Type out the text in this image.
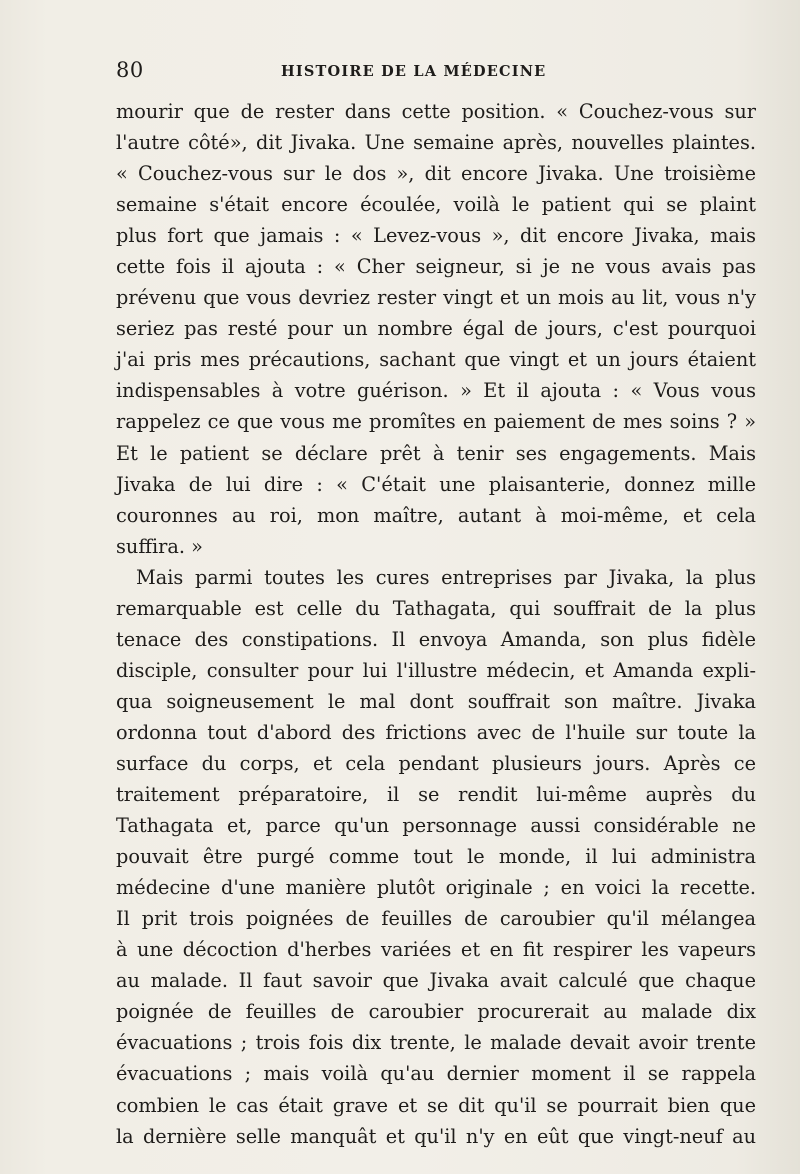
80	HISTOIRE DE LA MÉDECINE

mourir que de rester dans cette position. « Couchez-vous sur
l'autre côté», dit Jivaka. Une semaine après, nouvelles plaintes.
« Couchez-vous sur le dos », dit encore Jivaka. Une troisième
semaine s'était encore écoulée, voilà le patient qui se plaint
plus fort que jamais : « Levez-vous », dit encore Jivaka, mais
cette fois il ajouta : « Cher seigneur, si je ne vous avais pas
prévenu que vous devriez rester vingt et un mois au lit, vous n'y
seriez pas resté pour un nombre égal de jours, c'est pourquoi
j'ai pris mes précautions, sachant que vingt et un jours étaient
indispensables à votre guérison. » Et il ajouta : « Vous vous
rappelez ce que vous me promîtes en paiement de mes soins ? »
Et le patient se déclare prêt à tenir ses engagements. Mais
Jivaka de lui dire : « C'était une plaisanterie, donnez mille
couronnes au roi, mon maître, autant à moi-même, et cela
suffira. »

Mais parmi toutes les cures entreprises par Jivaka, la plus
remarquable est celle du Tathagata, qui souffrait de la plus
tenace des constipations. Il envoya Amanda, son plus fidèle
disciple, consulter pour lui l'illustre médecin, et Amanda expli-
qua soigneusement le mal dont souffrait son maître. Jivaka
ordonna tout d'abord des frictions avec de l'huile sur toute la
surface du corps, et cela pendant plusieurs jours. Après ce
traitement préparatoire, il se rendit lui-même auprès du
Tathagata et, parce qu'un personnage aussi considérable ne
pouvait être purgé comme tout le monde, il lui administra
médecine d'une manière plutôt originale ; en voici la recette.
Il prit trois poignées de feuilles de caroubier qu'il mélangea
à une décoction d'herbes variées et en fit respirer les vapeurs
au malade. Il faut savoir que Jivaka avait calculé que chaque
poignée de feuilles de caroubier procurerait au malade dix
évacuations ; trois fois dix trente, le malade devait avoir trente
évacuations ; mais voilà qu'au dernier moment il se rappela
combien le cas était grave et se dit qu'il se pourrait bien que
la dernière selle manquât et qu'il n'y en eût que vingt-neuf au
